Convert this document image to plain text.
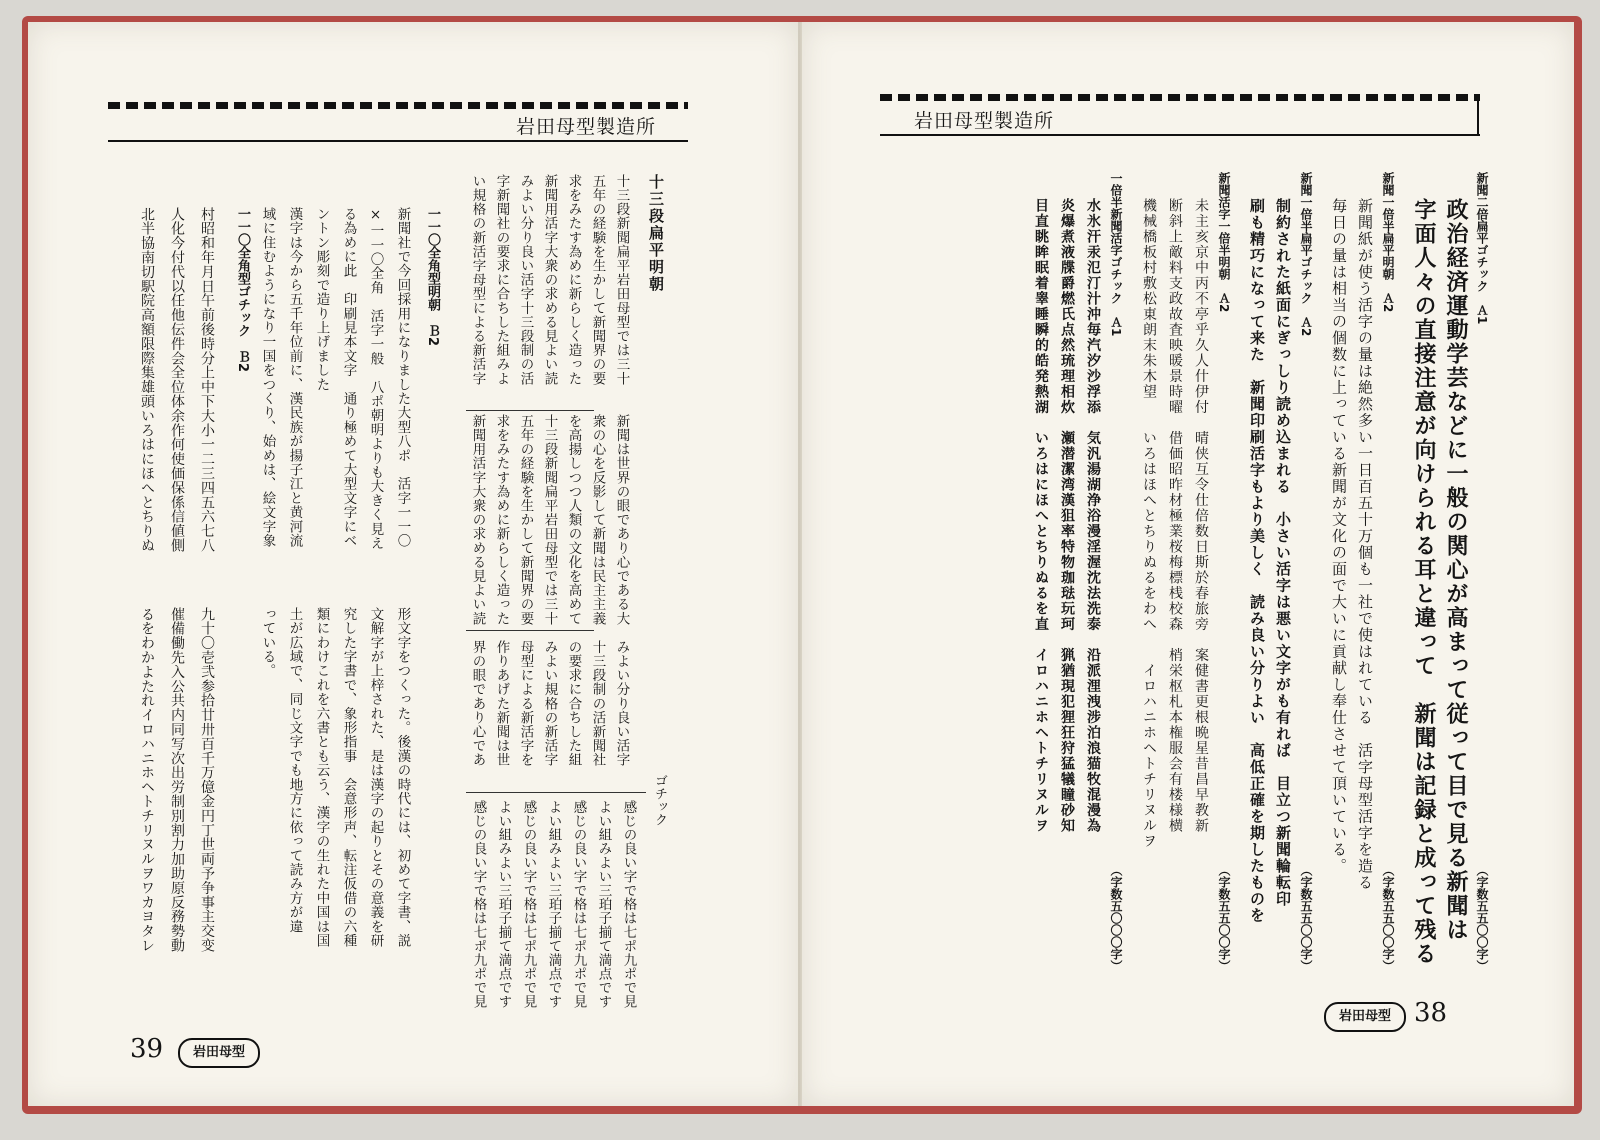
岩田母型製造所
十三段扁平明朝
十三段新聞扁平岩田母型では三十
五年の経験を生かして新聞界の要
求をみたす為めに新らしく造った
新聞用活字大衆の求める見よい読
みよい分り良い活字十三段制の活
字新聞社の要求に合ちした組みよ
い規格の新活字母型による新活字
新聞は世界の眼であり心である大
衆の心を反影して新聞は民主主義
を高揚しつつ人類の文化を高めて
十三段新聞扁平岩田母型では三十
五年の経験を生かして新聞界の要
求をみたす為めに新らしく造った
新聞用活字大衆の求める見よい読
みよい分り良い活字
十三段制の活新聞社
の要求に合ちした組
みよい規格の新活字
母型による新活字を
作りあげた新聞は世
界の眼であり心であ
ゴチック
感じの良い字で格は七ポ九ポで見
よい組みよい三珀子揃て満点です
感じの良い字で格は七ポ九ポで見
よい組みよい三珀子揃て満点です
感じの良い字で格は七ポ九ポで見
よい組みよい三珀子揃て満点です
感じの良い字で格は七ポ九ポで見
一一〇全角型明朝　Ｂ2
新聞社で今回採用になりました大型八ポ　活字一一〇
×一一〇全角　活字一般　八ポ朝明よりも大きく見え
る為めに此　印刷見本文字　通り極めて大型文字にベ
ントン彫刻で造り上げました
漢字は今から五千年位前に、漢民族が揚子江と黄河流
域に住むようになり一国をつくり、始めは、絵文字象
形文字をつくった。後漢の時代には、初めて字書、説
文解字が上梓された、是は漢字の起りとその意義を研
究した字書で、象形指事　会意形声、転注仮借の六種
類にわけこれを六書とも云う、漢字の生れた中国は国
土が広域で、同じ文字でも地方に依って読み方が違
っている。
一一〇全角型ゴチック　Ｂ2
村昭和年月日午前後時分上中下大小一二三四五六七八
人化今付代以任他伝件会全位体余作何使価保係信値側
北半協南切駅院高額限際集雄頭いろはにほへとちりぬ
九十〇壱弐参拾廿卅百千万億金円丁世両予争事主交变
催備働先入公共内同写次出労制別割力加助原反務勢動
るをわかよたれイロハニホヘトチリヌルヲワカヨタレ
39	岩田母型
岩田母型製造所
新聞二倍扁平ゴチック　Ａ1
（字数五五〇〇字）
政治経済運動学芸などに一般の関心が高まって従って目で見る新聞は
字面人々の直接注意が向けられる耳と違って　新聞は記録と成って残る
新聞一倍半扁平明朝　Ａ2
（字数五五〇〇字）
新聞紙が使う活字の量は絶然多い一日百五十万個も一社で使はれている　活字母型活字を造る
毎日の量は相当の個数に上っている新聞が文化の面で大いに貢献し奉仕させて頂いている。
新聞一倍半扁平ゴチック　Ａ2
（字数五五〇〇字）
制約された紙面にぎっしり読め込まれる　小さい活字は悪い文字がも有れば　目立つ新聞輪転印
刷も精巧になって来た　新聞印刷活字もより美しく　読み良い分りよい　高低正確を期したものを
新聞活字一倍半明朝　Ａ2
（字数五五〇〇字）
未主亥京中丙不亭乎久人什伊付　晴侠互令仕倍数日斯於春旅旁　案健書更根晩星昔昌早教新
断斜上敵料支政故査映暖景時曜　借価昭昨材極業桜梅標桟校森　梢栄枢札本権服会有楼様横
機械橋板村敷松東朗末朱木望　　いろはほへとちりぬるをわへ　　イロハニホヘトチリヌルヲ
一倍半新聞活字ゴチック　Ａ1
（字数五〇〇〇字）
水氷汗汞氾汀汁沖毎汽汐沙浮添　気汎湯湖浄浴漫淫渥沈法洗泰　沿派浬洩涉泊浪猫牧混漫為
炎爆煮液牒爵燃氏点然琉理相炊　瀬潜潔湾漢狙率特物珈琺玩珂　猟猶現犯狸狂狩猛犠瞳砂知
目直眺眸眠着睾睡瞬的皓発熱湖　いろはにほへとちりぬるを直　イロハニホヘトチリヌルヲ
岩田母型 38
